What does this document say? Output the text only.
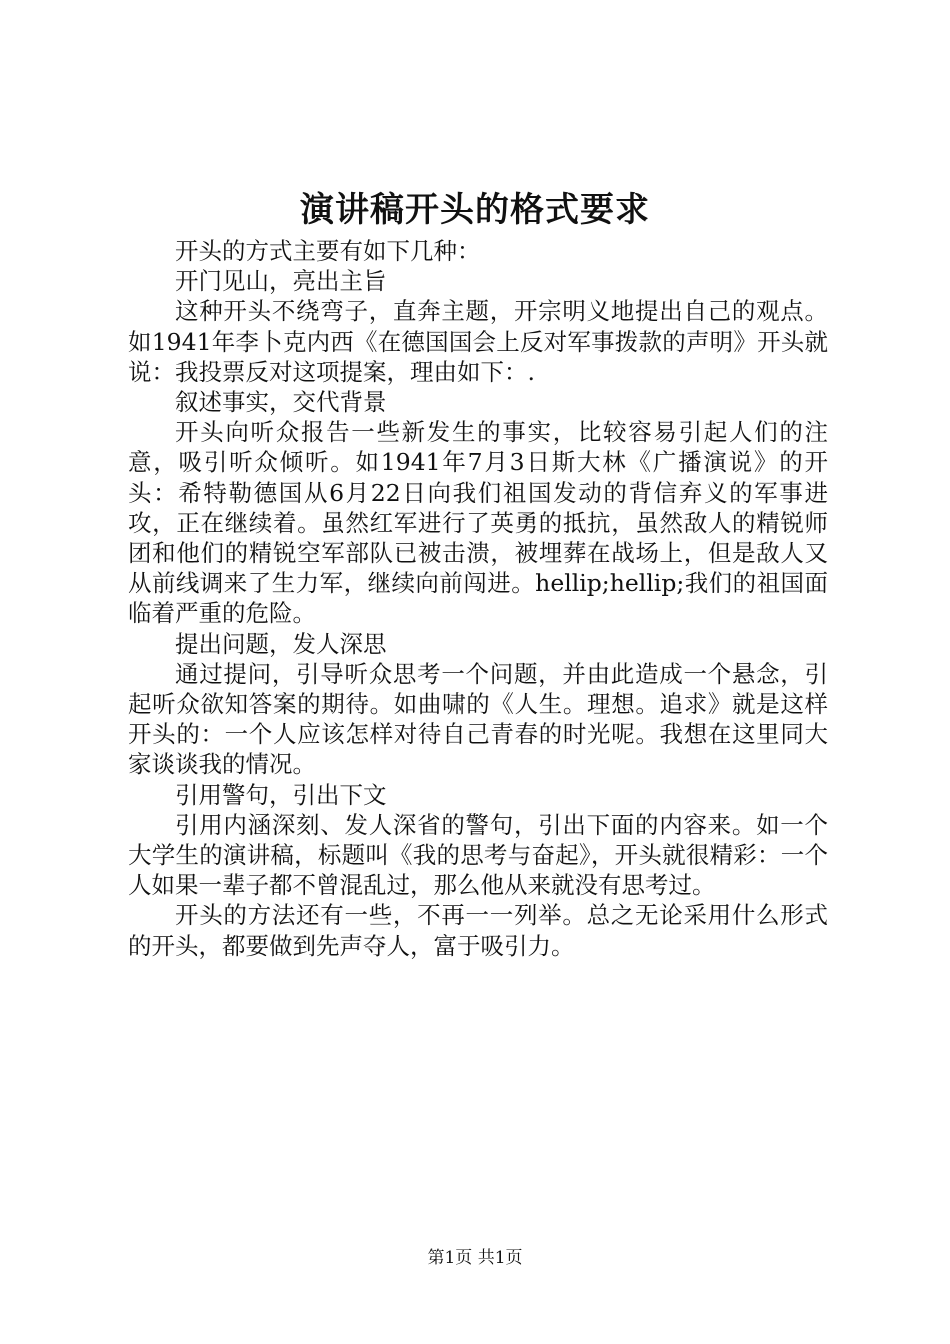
演讲稿开头的格式要求

开头的方式主要有如下几种：

开门见山，亮出主旨

这种开头不绕弯子，直奔主题，开宗明义地提出自己的观点。如1941年李卜克内西《在德国国会上反对军事拨款的声明》开头就说：我投票反对这项提案，理由如下：.

叙述事实，交代背景

开头向听众报告一些新发生的事实，比较容易引起人们的注意，吸引听众倾听。如1941年7月3日斯大林《广播演说》的开头：希特勒德国从6月22日向我们祖国发动的背信弃义的军事进攻，正在继续着。虽然红军进行了英勇的抵抗，虽然敌人的精锐师团和他们的精锐空军部队已被击溃，被埋葬在战场上，但是敌人又从前线调来了生力军，继续向前闯进。hellip;hellip;我们的祖国面临着严重的危险。

提出问题，发人深思

通过提问，引导听众思考一个问题，并由此造成一个悬念，引起听众欲知答案的期待。如曲啸的《人生。理想。追求》就是这样开头的：一个人应该怎样对待自己青春的时光呢。我想在这里同大家谈谈我的情况。

引用警句，引出下文

引用内涵深刻、发人深省的警句，引出下面的内容来。如一个大学生的演讲稿，标题叫《我的思考与奋起》，开头就很精彩：一个人如果一辈子都不曾混乱过，那么他从来就没有思考过。

开头的方法还有一些，不再一一列举。总之无论采用什么形式的开头，都要做到先声夺人，富于吸引力。

第1页 共1页
